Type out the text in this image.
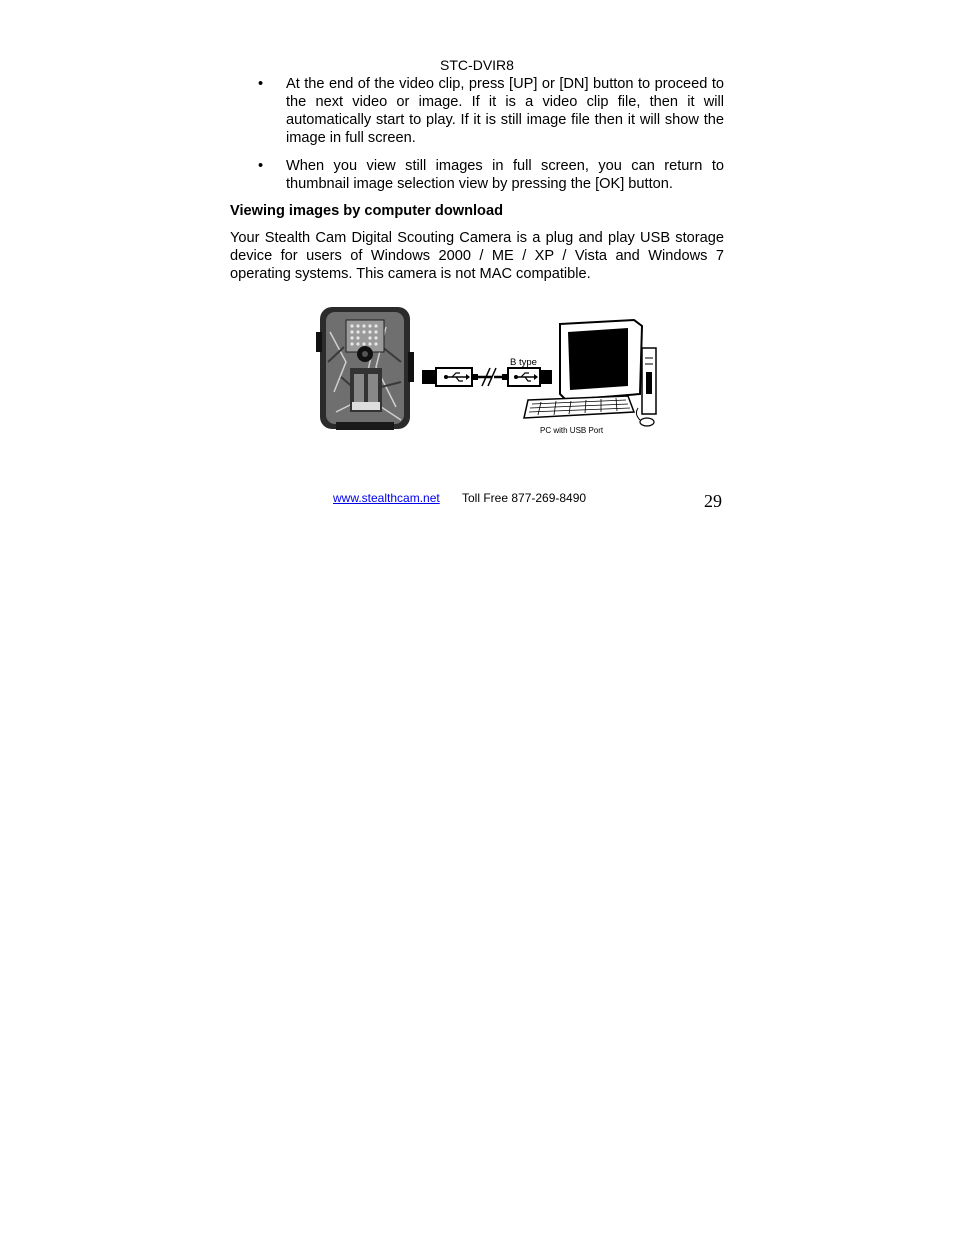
STC-DVIR8
• At the end of the video clip, press [UP] or [DN] button to proceed to the next video or image. If it is a video clip file, then it will automatically start to play. If it is still image file then it will show the image in full screen.
• When you view still images in full screen, you can return to thumbnail image selection view by pressing the [OK] button.
Viewing images by computer download

Your Stealth Cam Digital Scouting Camera is a plug and play USB storage device for users of Windows 2000 / ME / XP / Vista and Windows 7 operating systems. This camera is not MAC compatible.

B type
PC with USB Port
www.stealthcam.net Toll Free 877-269-8490	29
